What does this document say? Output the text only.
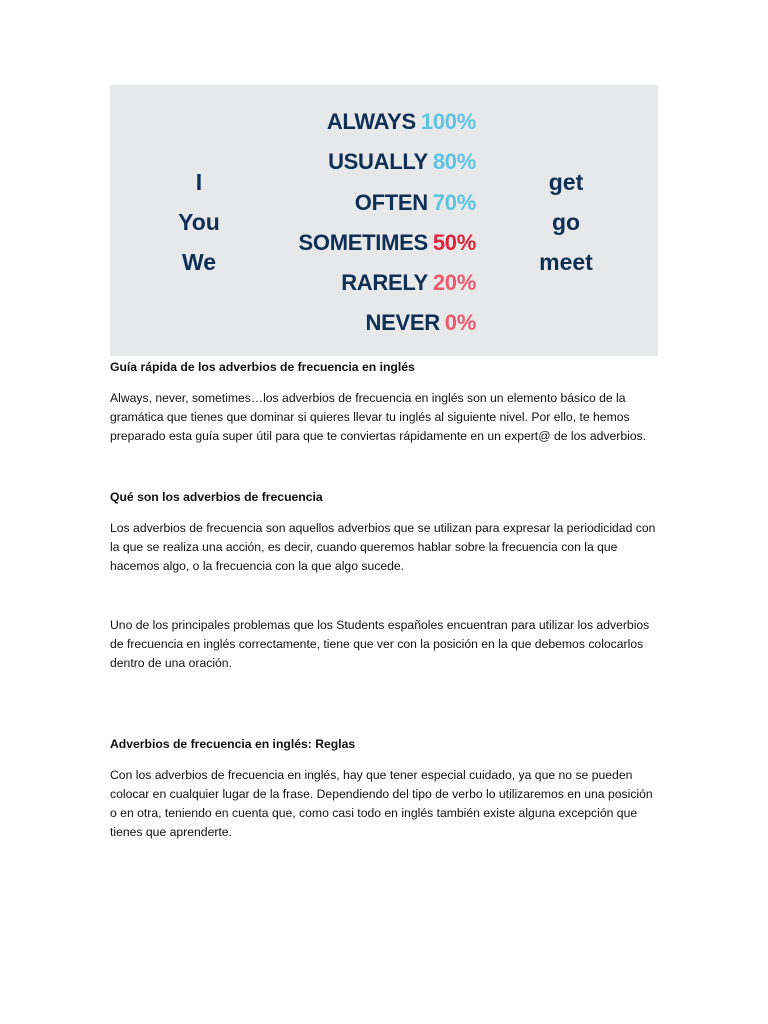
I
You
We
ALWAYS 100%
USUALLY 80%
OFTEN 70%
SOMETIMES 50%
RARELY 20%
NEVER 0%
get
go
meet

Guía rápida de los adverbios de frecuencia en inglés

Always, never, sometimes…los adverbios de frecuencia en inglés son un elemento básico de la gramática que tienes que dominar si quieres llevar tu inglés al siguiente nivel. Por ello, te hemos preparado esta guía super útil para que te conviertas rápidamente en un expert@ de los adverbios.

Qué son los adverbios de frecuencia

Los adverbios de frecuencia son aquellos adverbios que se utilizan para expresar la periodicidad con la que se realiza una acción, es decir, cuando queremos hablar sobre la frecuencia con la que hacemos algo, o la frecuencia con la que algo sucede.

Uno de los principales problemas que los Students españoles encuentran para utilizar los adverbios de frecuencia en inglés correctamente, tiene que ver con la posición en la que debemos colocarlos dentro de una oración.

Adverbios de frecuencia en inglés: Reglas

Con los adverbios de frecuencia en inglés, hay que tener especial cuidado, ya que no se pueden colocar en cualquier lugar de la frase. Dependiendo del tipo de verbo lo utilizaremos en una posición o en otra, teniendo en cuenta que, como casi todo en inglés también existe alguna excepción que tienes que aprenderte.
